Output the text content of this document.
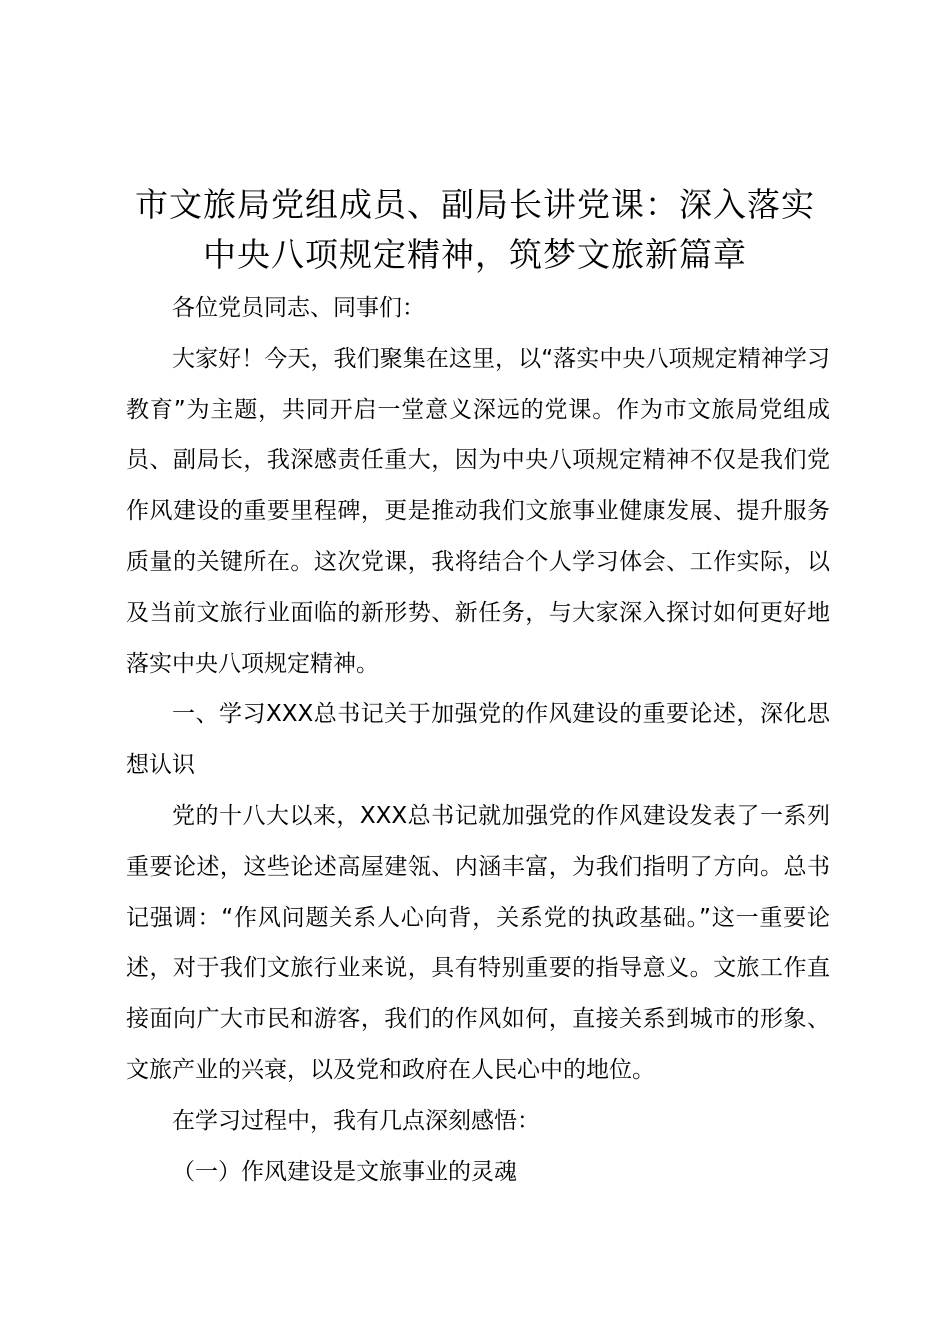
市文旅局党组成员、副局长讲党课：深入落实
中央八项规定精神，筑梦文旅新篇章

各位党员同志、同事们：

大家好！今天，我们聚集在这里，以“落实中央八项规定精神学习教育”为主题，共同开启一堂意义深远的党课。作为市文旅局党组成员、副局长，我深感责任重大，因为中央八项规定精神不仅是我们党作风建设的重要里程碑，更是推动我们文旅事业健康发展、提升服务质量的关键所在。这次党课，我将结合个人学习体会、工作实际，以及当前文旅行业面临的新形势、新任务，与大家深入探讨如何更好地落实中央八项规定精神。

一、学习XXX总书记关于加强党的作风建设的重要论述，深化思想认识

党的十八大以来，XXX总书记就加强党的作风建设发表了一系列重要论述，这些论述高屋建瓴、内涵丰富，为我们指明了方向。总书记强调：“作风问题关系人心向背，关系党的执政基础。”这一重要论述，对于我们文旅行业来说，具有特别重要的指导意义。文旅工作直接面向广大市民和游客，我们的作风如何，直接关系到城市的形象、文旅产业的兴衰，以及党和政府在人民心中的地位。

在学习过程中，我有几点深刻感悟：

（一）作风建设是文旅事业的灵魂
